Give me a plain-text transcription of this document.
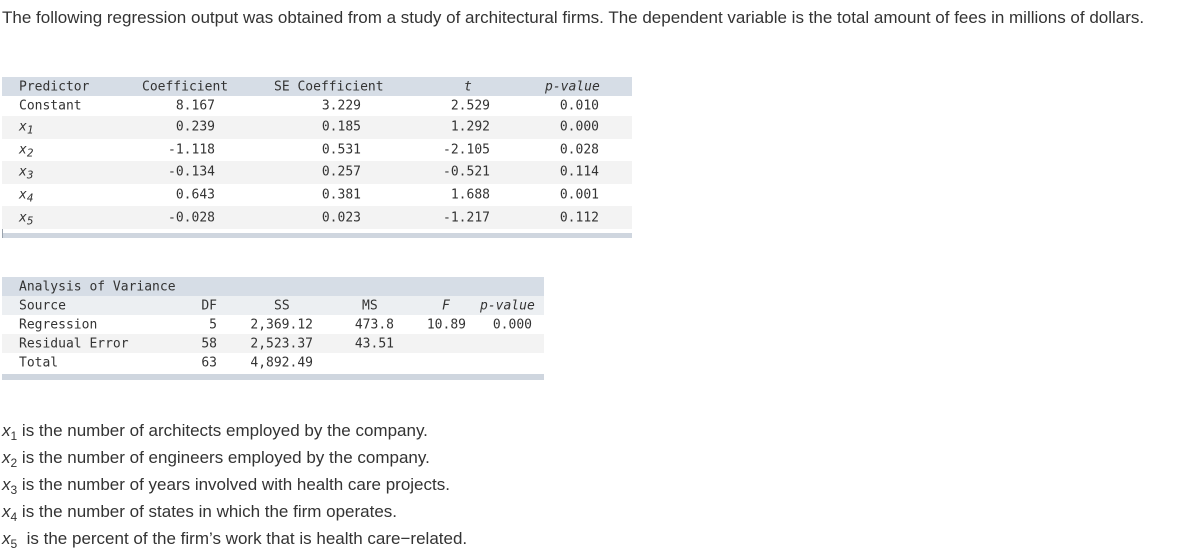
The following regression output was obtained from a study of architectural firms. The dependent variable is the total amount of fees in millions of dollars.

Predictor	Coefficient	SE Coefficient	t	p-value
Constant	8.167	3.229	2.529	0.010
$x_1$	0.239	0.185	1.292	0.000
$x_2$	-1.118	0.531	-2.105	0.028
$x_3$	-0.134	0.257	-0.521	0.114
$x_4$	0.643	0.381	1.688	0.001
$x_5$	-0.028	0.023	-1.217	0.112
Analysis of Variance
Source	DF	SS	MS	F p-value
Regression	5	2,369.12	473.8	10.89 0.000
Residual Error	58	2,523.37	43.51
Total	63	4,892.49
$x_1$ is the number of architects employed by the company.
$x_2$ is the number of engineers employed by the company.
$x_3$ is the number of years involved with health care projects.
$x_4$ is the number of states in which the firm operates.
$x_5$  is the percent of the firm’s work that is health care−related.
